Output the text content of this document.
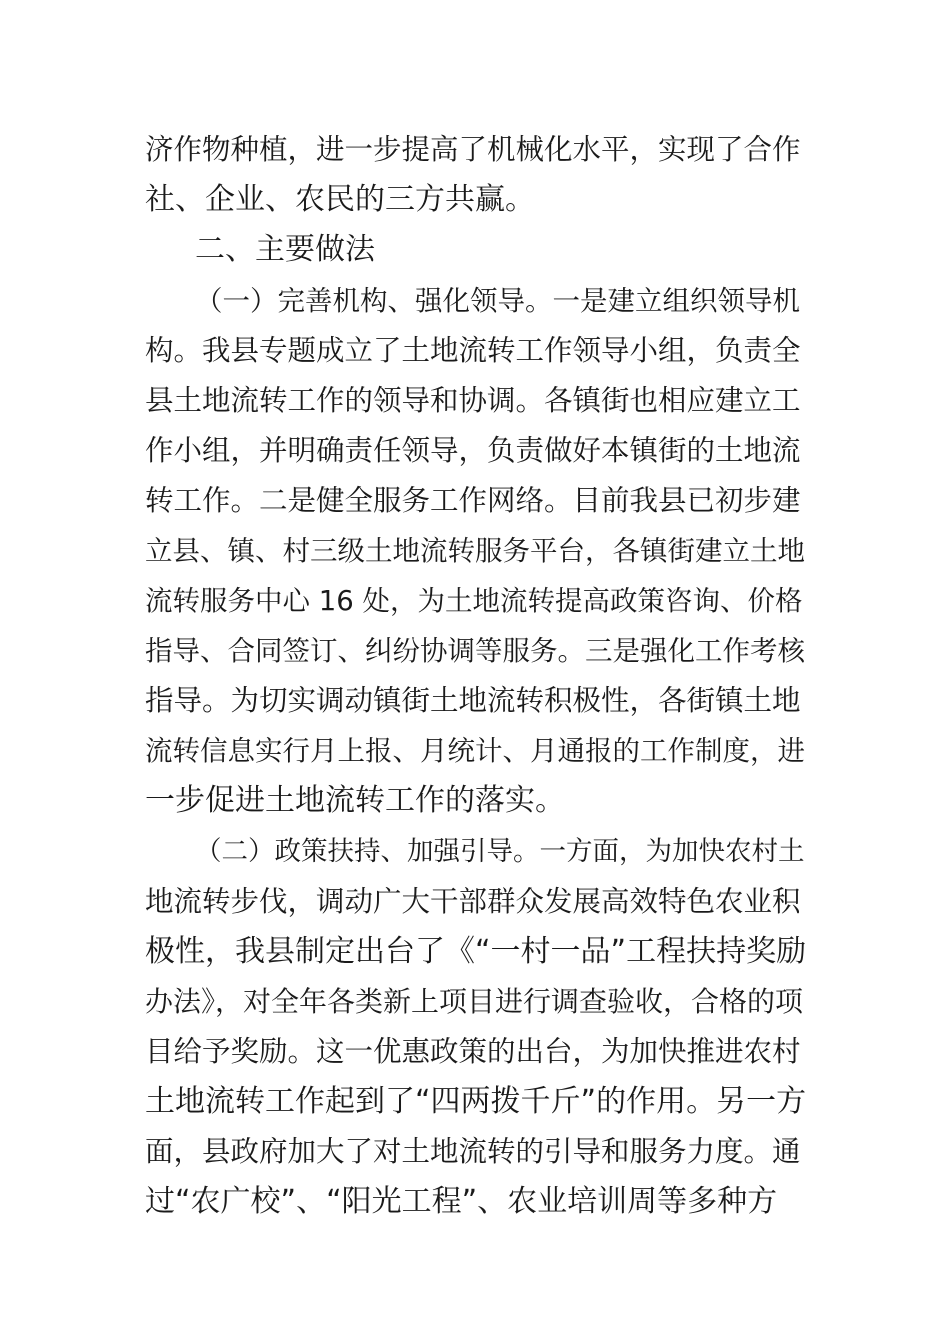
济作物种植，进一步提高了机械化水平，实现了合作
社、企业、农民的三方共赢。
二、主要做法
（一）完善机构、强化领导。一是建立组织领导机
构。我县专题成立了土地流转工作领导小组，负责全
县土地流转工作的领导和协调。各镇街也相应建立工
作小组，并明确责任领导，负责做好本镇街的土地流
转工作。二是健全服务工作网络。目前我县已初步建
立县、镇、村三级土地流转服务平台，各镇街建立土地
流转服务中心 16 处，为土地流转提高政策咨询、价格
指导、合同签订、纠纷协调等服务。三是强化工作考核
指导。为切实调动镇街土地流转积极性，各街镇土地
流转信息实行月上报、月统计、月通报的工作制度，进
一步促进土地流转工作的落实。
（二）政策扶持、加强引导。一方面，为加快农村土
地流转步伐，调动广大干部群众发展高效特色农业积
极性，我县制定出台了《“一村一品”工程扶持奖励
办法》，对全年各类新上项目进行调查验收，合格的项
目给予奖励。这一优惠政策的出台，为加快推进农村
土地流转工作起到了“四两拨千斤”的作用。另一方
面，县政府加大了对土地流转的引导和服务力度。通
过“农广校”、“阳光工程”、农业培训周等多种方
